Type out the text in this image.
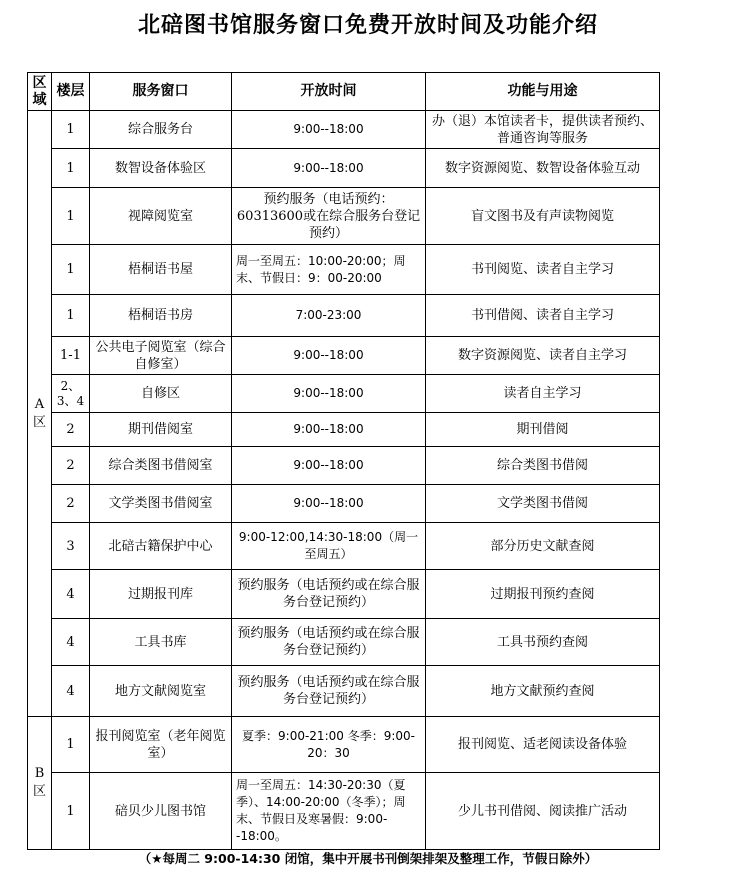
北碚图书馆服务窗口免费开放时间及功能介绍
区域	楼层	服务窗口	开放时间	功能与用途
A区	1	综合服务台	9:00--18:00	办（退）本馆读者卡，提供读者预约、普通咨询等服务
	1	数智设备体验区	9:00--18:00	数字资源阅览、数智设备体验互动
	1	视障阅览室	预约服务（电话预约：60313600或在综合服务台登记预约）	盲文图书及有声读物阅览
	1	梧桐语书屋	周一至周五：10:00-20:00；周末、节假日：9：00-20:00	书刊阅览、读者自主学习
	1	梧桐语书房	7:00-23:00	书刊借阅、读者自主学习
	1-1	公共电子阅览室（综合自修室）	9:00--18:00	数字资源阅览、读者自主学习
	2、3、4	自修区	9:00--18:00	读者自主学习
	2	期刊借阅室	9:00--18:00	期刊借阅
	2	综合类图书借阅室	9:00--18:00	综合类图书借阅
	2	文学类图书借阅室	9:00--18:00	文学类图书借阅
	3	北碚古籍保护中心	9:00-12:00,14:30-18:00（周一至周五）	部分历史文献查阅
	4	过期报刊库	预约服务（电话预约或在综合服务台登记预约）	过期报刊预约查阅
	4	工具书库	预约服务（电话预约或在综合服务台登记预约）	工具书预约查阅
	4	地方文献阅览室	预约服务（电话预约或在综合服务台登记预约）	地方文献预约查阅
B区	1	报刊阅览室（老年阅览室）	夏季：9:00-21:00 冬季：9:00-20：30	报刊阅览、适老阅读设备体验
	1	碚贝少儿图书馆	周一至周五：14:30-20:30（夏季）、14:00-20:00（冬季）；周末、节假日及寒暑假：9:00--18:00。	少儿书刊借阅、阅读推广活动
（★每周二 9:00-14:30 闭馆，集中开展书刊倒架排架及整理工作，节假日除外）
